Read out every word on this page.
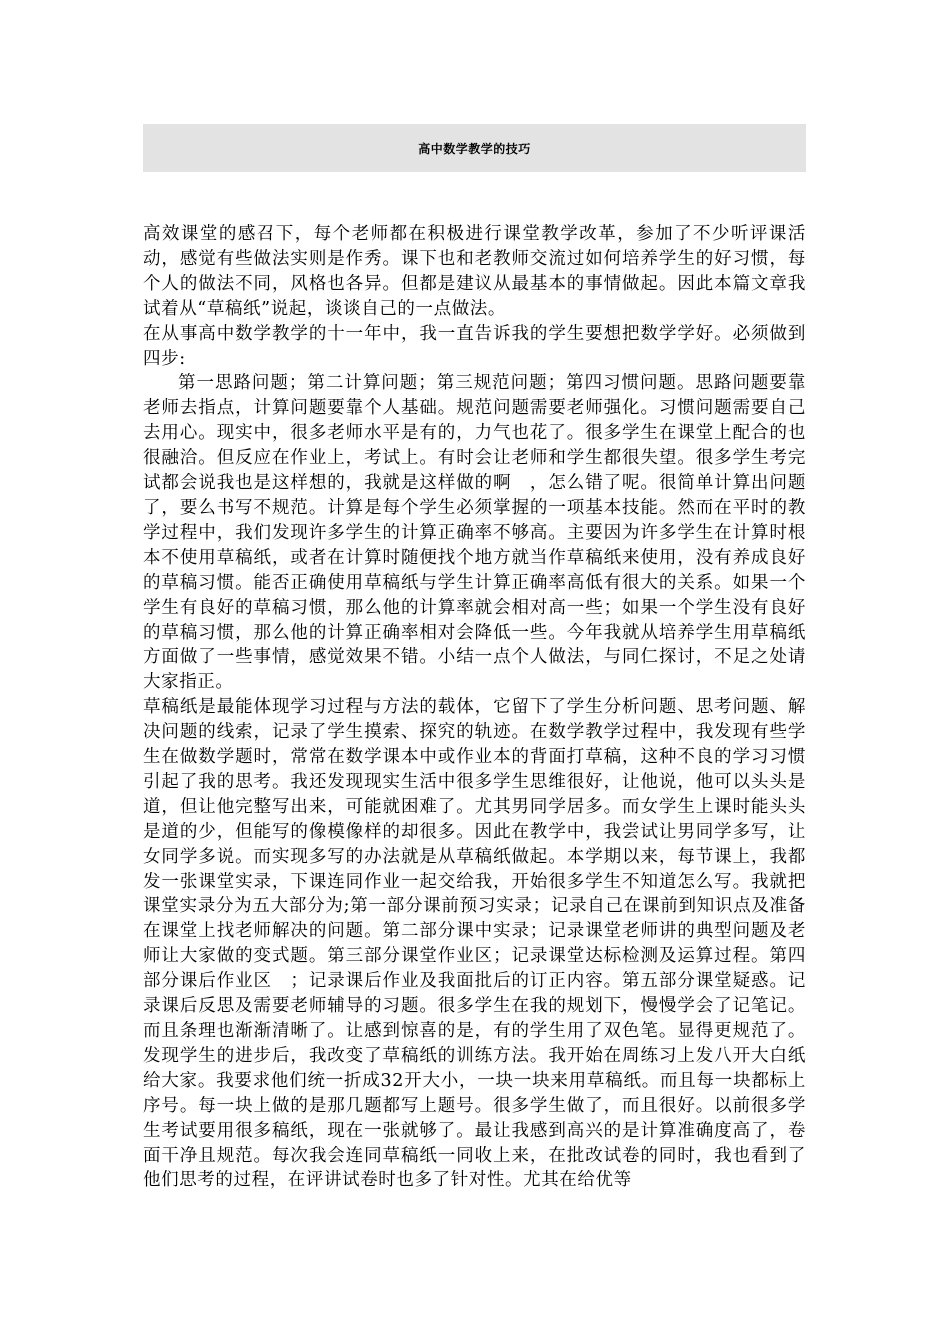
高中数学教学的技巧

高效课堂的感召下，每个老师都在积极进行课堂教学改革，参加了不少听评课活动，感觉有些做法实则是作秀。课下也和老教师交流过如何培养学生的好习惯，每个人的做法不同，风格也各异。但都是建议从最基本的事情做起。因此本篇文章我试着从“草稿纸”说起，谈谈自己的一点做法。

在从事高中数学教学的十一年中，我一直告诉我的学生要想把数学学好。必须做到四步:

第一思路问题；第二计算问题；第三规范问题；第四习惯问题。思路问题要靠老师去指点，计算问题要靠个人基础。规范问题需要老师强化。习惯问题需要自己去用心。现实中，很多老师水平是有的，力气也花了。很多学生在课堂上配合的也很融洽。但反应在作业上，考试上。有时会让老师和学生都很失望。很多学生考完试都会说我也是这样想的，我就是这样做的啊　，怎么错了呢。很简单计算出问题了，要么书写不规范。计算是每个学生必须掌握的一项基本技能。然而在平时的教学过程中，我们发现许多学生的计算正确率不够高。主要因为许多学生在计算时根本不使用草稿纸，或者在计算时随便找个地方就当作草稿纸来使用，没有养成良好的草稿习惯。能否正确使用草稿纸与学生计算正确率高低有很大的关系。如果一个学生有良好的草稿习惯，那么他的计算率就会相对高一些；如果一个学生没有良好的草稿习惯，那么他的计算正确率相对会降低一些。今年我就从培养学生用草稿纸方面做了一些事情，感觉效果不错。小结一点个人做法，与同仁探讨，不足之处请大家指正。

草稿纸是最能体现学习过程与方法的载体，它留下了学生分析问题、思考问题、解决问题的线索，记录了学生摸索、探究的轨迹。在数学教学过程中，我发现有些学生在做数学题时，常常在数学课本中或作业本的背面打草稿，这种不良的学习习惯引起了我的思考。我还发现现实生活中很多学生思维很好，让他说，他可以头头是道，但让他完整写出来，可能就困难了。尤其男同学居多。而女学生上课时能头头是道的少，但能写的像模像样的却很多。因此在教学中，我尝试让男同学多写，让女同学多说。而实现多写的办法就是从草稿纸做起。本学期以来，每节课上，我都发一张课堂实录，下课连同作业一起交给我，开始很多学生不知道怎么写。我就把课堂实录分为五大部分为;第一部分课前预习实录；记录自己在课前到知识点及准备在课堂上找老师解决的问题。第二部分课中实录；记录课堂老师讲的典型问题及老师让大家做的变式题。第三部分课堂作业区；记录课堂达标检测及运算过程。第四部分课后作业区　；记录课后作业及我面批后的订正内容。第五部分课堂疑惑。记录课后反思及需要老师辅导的习题。很多学生在我的规划下，慢慢学会了记笔记。而且条理也渐渐清晰了。让感到惊喜的是，有的学生用了双色笔。显得更规范了。发现学生的进步后，我改变了草稿纸的训练方法。我开始在周练习上发八开大白纸给大家。我要求他们统一折成32开大小，一块一块来用草稿纸。而且每一块都标上序号。每一块上做的是那几题都写上题号。很多学生做了，而且很好。以前很多学生考试要用很多稿纸，现在一张就够了。最让我感到高兴的是计算准确度高了，卷面干净且规范。每次我会连同草稿纸一同收上来，在批改试卷的同时，我也看到了他们思考的过程，在评讲试卷时也多了针对性。尤其在给优等
